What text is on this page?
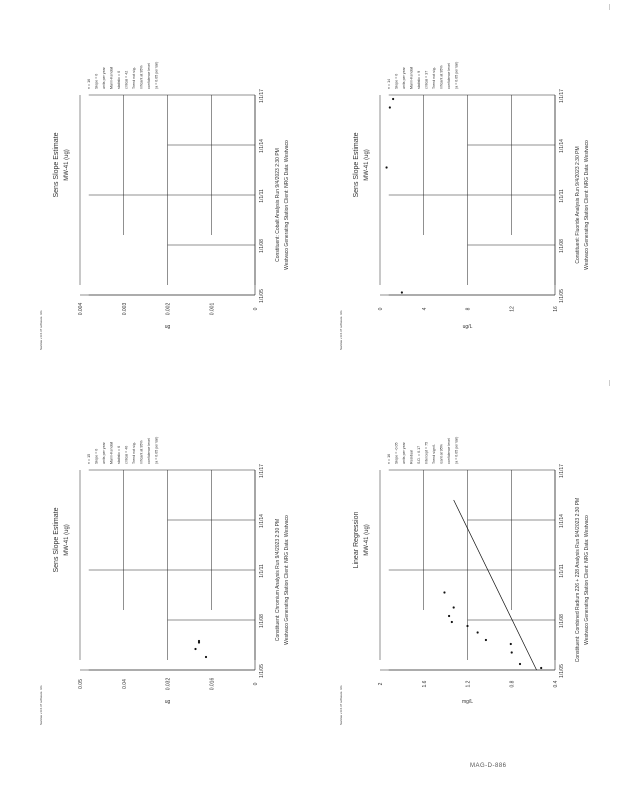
Sanitas v.9.6.37 software. UG
1/1/05
1/1/08
1/1/11
1/1/14
1/1/17
0.004	0.003	0.002	0.001	0
ug
Sens Slope Estimate MW-41 (ug)	Constituent: Cobalt Analysis Run 9/4/2023 2:30 PM Westvaco Generating Station Client: NRG Data: Westvaco
n = 16 Slope = 0 units per year Mann-Kendall statistic = 0 critical = 42 Trend not sig- nificant at 95% confidence level (a = 0.05 per tail)
Sanitas v.9.6.37 software. UG
1/1/05
1/1/08
1/1/11
1/1/14
1/1/17
0	4	8	12	16
ug/L
Sens Slope Estimate MW-41 (ug)	Constituent: Fluoride Analysis Run 9/4/2023 2:30 PM Westvaco Generating Station Client: NRG Data: Westvaco
n = 14 Slope = 0 units per year Mann-Kendall statistic = 9 critical = 37 Trend not sig- nificant at 95% confidence level (a = 0.05 per tail)
Sanitas v.9.6.37 software. UG
1/1/05
1/1/08
1/1/11
1/1/14
1/1/17
0.05	0.04	0.032	0.016	0
ug
Sens Slope Estimate MW-41 (ug)	Constituent: Chromium Analysis Run 9/4/2023 2:30 PM Westvaco Generating Station Client: NRG Data: Westvaco
n = 15 Slope = 0 units per year Mann-Kendall statistic = 6 critical = 40 Trend not sig- nificant at 95% confidence level (a = 0.05 per tail)
Sanitas v.9.6.37 software. UG
1/1/05
1/1/08
1/1/11
1/1/14
1/1/17
2	1.6	1.2	0.8	0.4
mg/L
Linear Regression MW-41 (ug)	Constituent: Combined Radium 226 + 228 Analysis Run 9/4/2023 2:30 PM Westvaco Generating Station Client: NRG Data: Westvaco
n = 16 Slope = -0.05 units per year Residual S.D. = 0.17 Intercept = 75 Trend signif- icant at 95% confidence level (a = 0.05 per tail)
MAG-D-886
